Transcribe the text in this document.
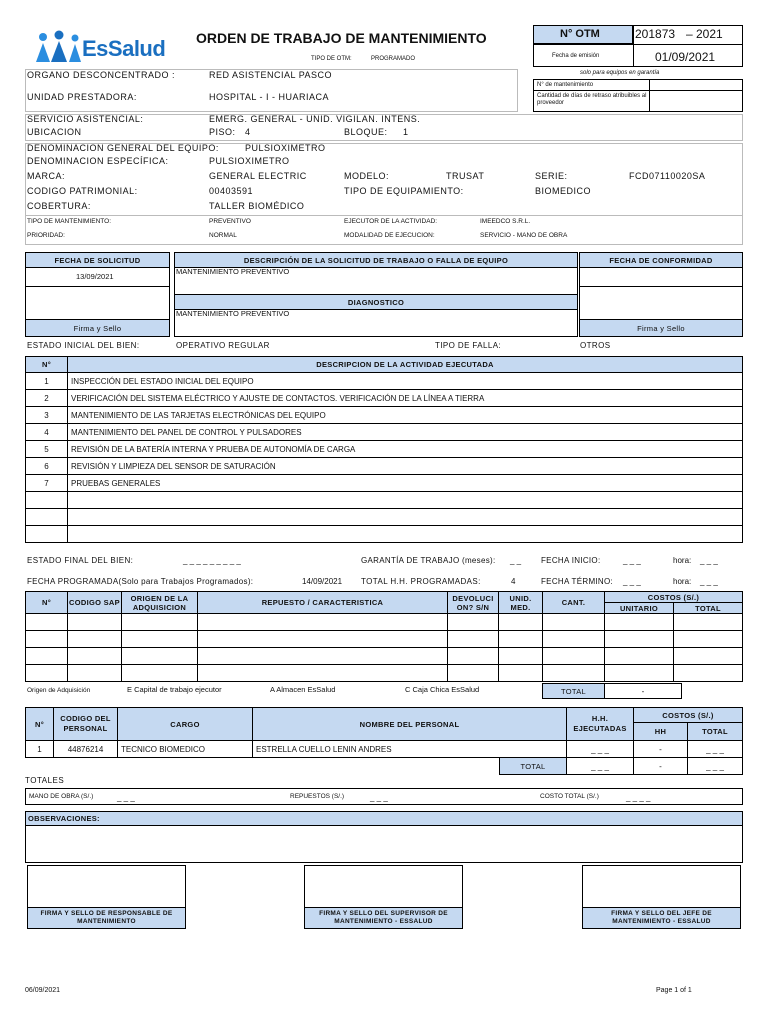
EsSalud ORDEN DE TRABAJO DE MANTENIMIENTO
TIPO DE OTM:	PROGRAMADO
N° OTM	201873 – 2021
Fecha de emisión	01/09/2021
solo para equipos en garantía
N° de mantenimiento
Cantidad de días de retraso atribuibles al proveedor
ORGANO DESCONCENTRADO :	RED ASISTENCIAL PASCO
UNIDAD PRESTADORA:	HOSPITAL - I - HUARIACA
SERVICIO ASISTENCIAL:	EMERG. GENERAL - UNID. VIGILAN. INTENS.
UBICACION	PISO: 4	BLOQUE: 1
DENOMINACION GENERAL DEL EQUIPO:	PULSIOXIMETRO
DENOMINACION ESPECÍFICA:	PULSIOXIMETRO
MARCA:	GENERAL ELECTRIC	MODELO:	TRUSAT	SERIE:	FCD07110020SA
CODIGO PATRIMONIAL:	00403591	TIPO DE EQUIPAMIENTO:	BIOMEDICO
COBERTURA:	TALLER BIOMÉDICO
TIPO DE MANTENIMIENTO:	PREVENTIVO	EJECUTOR DE LA ACTIVIDAD:	IMEEDCO S.R.L.
PRIORIDAD:	NORMAL	MODALIDAD DE EJECUCION:	SERVICIO - MANO DE OBRA
FECHA DE SOLICITUD
13/09/2021
Firma y Sello
DESCRIPCIÓN DE LA SOLICITUD DE TRABAJO O FALLA DE EQUIPO
MANTENIMIENTO PREVENTIVO
DIAGNOSTICO
MANTENIMIENTO PREVENTIVO
FECHA DE CONFORMIDAD
Firma y Sello
ESTADO INICIAL DEL BIEN:	OPERATIVO REGULAR	TIPO DE FALLA:	OTROS
N°	DESCRIPCION DE LA ACTIVIDAD EJECUTADA
1	INSPECCIÓN DEL ESTADO INICIAL DEL EQUIPO
2	VERIFICACIÓN DEL SISTEMA ELÉCTRICO Y AJUSTE DE CONTACTOS. VERIFICACIÓN DE LA LÍNEA A TIERRA
3	MANTENIMIENTO DE LAS TARJETAS ELECTRÓNICAS DEL EQUIPO
4	MANTENIMIENTO DEL PANEL DE CONTROL Y PULSADORES
5	REVISIÓN DE LA BATERÍA INTERNA Y PRUEBA DE AUTONOMÍA DE CARGA
6	REVISIÓN Y LIMPIEZA DEL SENSOR DE SATURACIÓN
7	PRUEBAS GENERALES
ESTADO FINAL DEL BIEN:	_ _ _ _ _ _ _ _ _	GARANTÍA DE TRABAJO (meses): _ _ FECHA INICIO:	_ _ _	hora: _ _ _
FECHA PROGRAMADA(Solo para Trabajos Programados):	14/09/2021 TOTAL H.H. PROGRAMADAS:	4	FECHA TÉRMINO: _ _ _	hora: _ _ _
N°	CODIGO SAP	ORIGEN DE LA ADQUISICION	REPUESTO / CARACTERISTICA	DEVOLUCI ON? S/N
UNID. MED.	CANT.
COSTOS (S/.)
UNITARIO	TOTAL
Origen de Adquisición	E Capital de trabajo ejecutor	A Almacen EsSalud	C Caja Chica EsSalud	TOTAL	-
N°
CODIGO DEL PERSONAL	CARGO	NOMBRE DEL PERSONAL
H.H. EJECUTADAS
COSTOS (S/.)
HH	TOTAL
1	44876214	TECNICO BIOMEDICO	ESTRELLA CUELLO LENIN ANDRES	_ _ _	-	_ _ _
TOTAL	_ _ _	-	_ _ _
TOTALES
MANO DE OBRA (S/.)	_ _ _	REPUESTOS (S/.)	_ _ _	COSTO TOTAL (S/.)	_ _ _ _
OBSERVACIONES:
FIRMA Y SELLO DE RESPONSABLE DE MANTENIMIENTO
FIRMA Y SELLO DEL SUPERVISOR DE MANTENIMIENTO - ESSALUD
FIRMA Y SELLO DEL JEFE DE MANTENIMIENTO - ESSALUD
06/09/2021	Page 1 of 1
